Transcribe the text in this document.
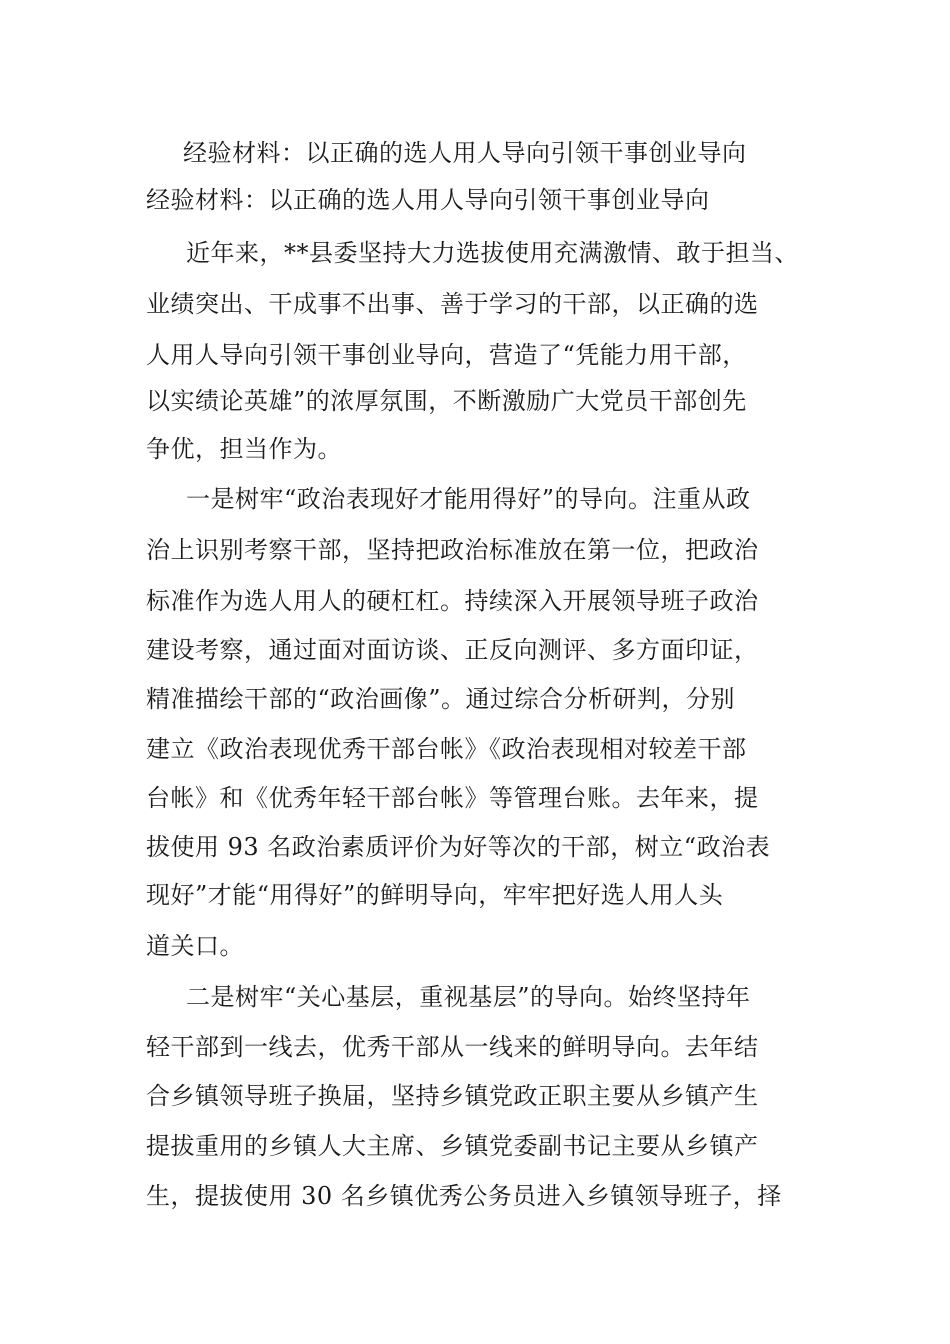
经验材料：以正确的选人用人导向引领干事创业导向

经验材料：以正确的选人用人导向引领干事创业导向

近年来，**县委坚持大力选拔使用充满激情、敢于担当、

业绩突出、干成事不出事、善于学习的干部，以正确的选

人用人导向引领干事创业导向，营造了“凭能力用干部，

以实绩论英雄”的浓厚氛围，不断激励广大党员干部创先

争优，担当作为。

一是树牢“政治表现好才能用得好”的导向。注重从政

治上识别考察干部，坚持把政治标准放在第一位，把政治

标准作为选人用人的硬杠杠。持续深入开展领导班子政治

建设考察，通过面对面访谈、正反向测评、多方面印证，

精准描绘干部的“政治画像”。通过综合分析研判，分别

建立《政治表现优秀干部台帐》《政治表现相对较差干部

台帐》和《优秀年轻干部台帐》等管理台账。去年来，提

拔使用 93 名政治素质评价为好等次的干部，树立“政治表

现好”才能“用得好”的鲜明导向，牢牢把好选人用人头

道关口。

二是树牢“关心基层，重视基层”的导向。始终坚持年

轻干部到一线去，优秀干部从一线来的鲜明导向。去年结

合乡镇领导班子换届，坚持乡镇党政正职主要从乡镇产生

提拔重用的乡镇人大主席、乡镇党委副书记主要从乡镇产

生，提拔使用 30 名乡镇优秀公务员进入乡镇领导班子，择
